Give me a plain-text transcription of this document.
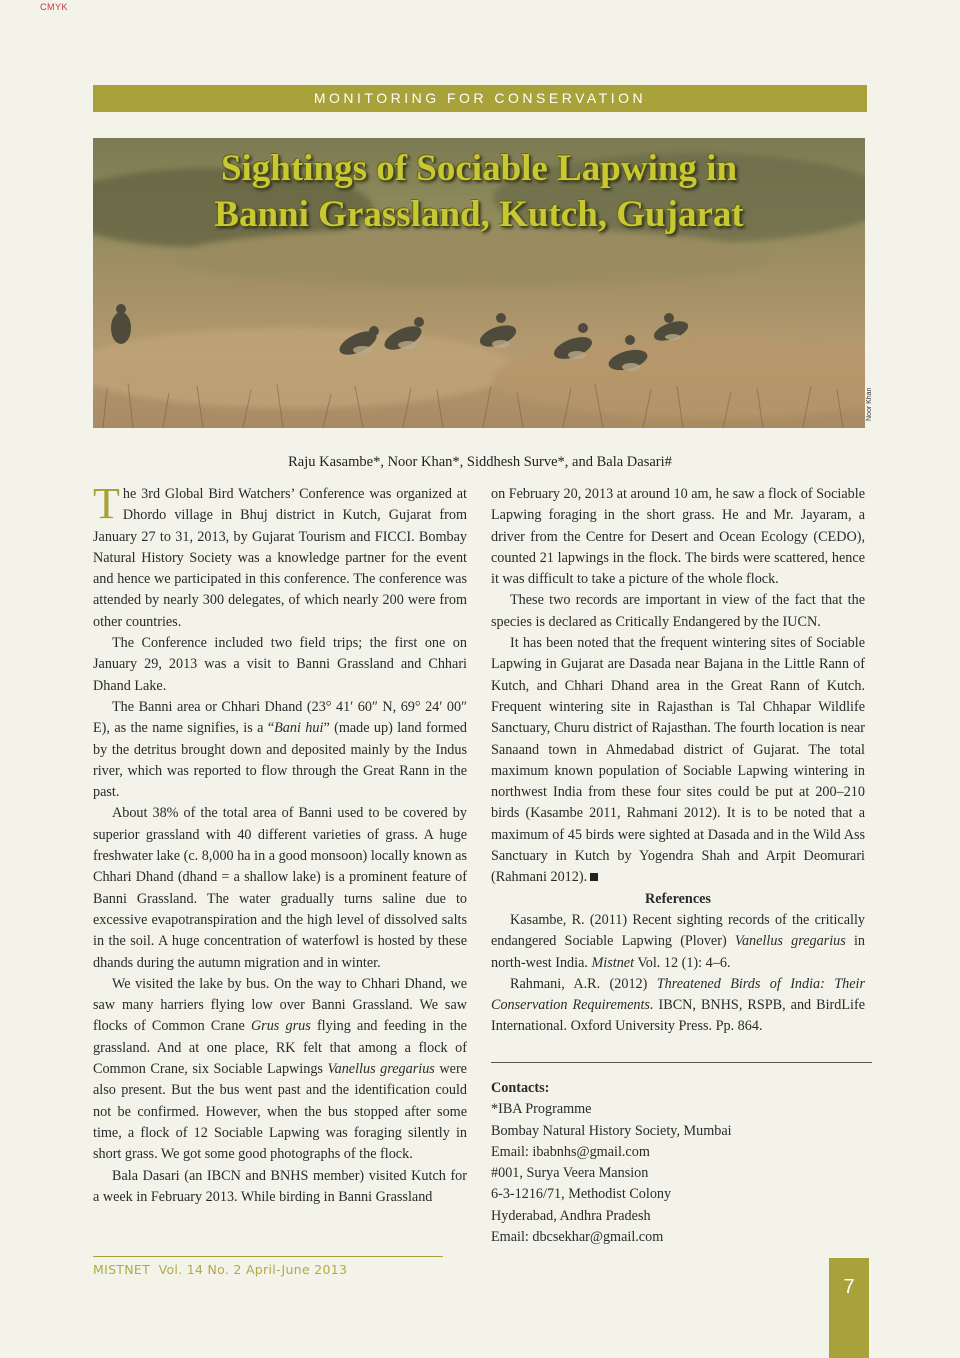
CMYK
MONITORING FOR CONSERVATION
Sightings of Sociable Lapwing in
Banni Grassland, Kutch, Gujarat
Noor Khan
Raju Kasambe*, Noor Khan*, Siddhesh Surve*, and Bala Dasari#

The 3rd Global Bird Watchers’ Conference was organized at Dhordo village in Bhuj district in Kutch, Gujarat from January 27 to 31, 2013, by Gujarat Tourism and FICCI. Bombay Natural History Society was a knowledge partner for the event and hence we participated in this conference. The conference was attended by nearly 300 delegates, of which nearly 200 were from other countries.

The Conference included two field trips; the first one on January 29, 2013 was a visit to Banni Grassland and Chhari Dhand Lake.

The Banni area or Chhari Dhand (23° 41′ 60″ N, 69° 24′ 00″ E), as the name signifies, is a “Bani hui” (made up) land formed by the detritus brought down and deposited mainly by the Indus river, which was reported to flow through the Great Rann in the past.

About 38% of the total area of Banni used to be covered by superior grassland with 40 different varieties of grass. A huge freshwater lake (c. 8,000 ha in a good monsoon) locally known as Chhari Dhand (dhand = a shallow lake) is a prominent feature of Banni Grassland. The water gradually turns saline due to excessive evapotranspiration and the high level of dissolved salts in the soil. A huge concentration of waterfowl is hosted by these dhands during the autumn migration and in winter.

We visited the lake by bus. On the way to Chhari Dhand, we saw many harriers flying low over Banni Grassland. We saw flocks of Common Crane Grus grus flying and feeding in the grassland. And at one place, RK felt that among a flock of Common Crane, six Sociable Lapwings Vanellus gregarius were also present. But the bus went past and the identification could not be confirmed. However, when the bus stopped after some time, a flock of 12 Sociable Lapwing was foraging silently in short grass. We got some good photographs of the flock.

Bala Dasari (an IBCN and BNHS member) visited Kutch for a week in February 2013. While birding in Banni Grassland

on February 20, 2013 at around 10 am, he saw a flock of Sociable Lapwing foraging in the short grass. He and Mr. Jayaram, a driver from the Centre for Desert and Ocean Ecology (CEDO), counted 21 lapwings in the flock. The birds were scattered, hence it was difficult to take a picture of the whole flock.

These two records are important in view of the fact that the species is declared as Critically Endangered by the IUCN.

It has been noted that the frequent wintering sites of Sociable Lapwing in Gujarat are Dasada near Bajana in the Little Rann of Kutch, and Chhari Dhand area in the Great Rann of Kutch. Frequent wintering site in Rajasthan is Tal Chhapar Wildlife Sanctuary, Churu district of Rajasthan. The fourth location is near Sanaand town in Ahmedabad district of Gujarat. The total maximum known population of Sociable Lapwing wintering in northwest India from these four sites could be put at 200–210 birds (Kasambe 2011, Rahmani 2012). It is to be noted that a maximum of 45 birds were sighted at Dasada and in the Wild Ass Sanctuary in Kutch by Yogendra Shah and Arpit Deomurari (Rahmani 2012).

References

Kasambe, R. (2011) Recent sighting records of the critically endangered Sociable Lapwing (Plover) Vanellus gregarius in north-west India. Mistnet Vol. 12 (1): 4–6.

Rahmani, A.R. (2012) Threatened Birds of India: Their Conservation Requirements. IBCN, BNHS, RSPB, and BirdLife International. Oxford University Press. Pp. 864.

Contacts:
*IBA Programme
Bombay Natural History Society, Mumbai
Email: ibabnhs@gmail.com
#001, Surya Veera Mansion
6-3-1216/71, Methodist Colony
Hyderabad, Andhra Pradesh
Email: dbcsekhar@gmail.com
MISTNET  Vol. 14 No. 2 April-June 2013
7
